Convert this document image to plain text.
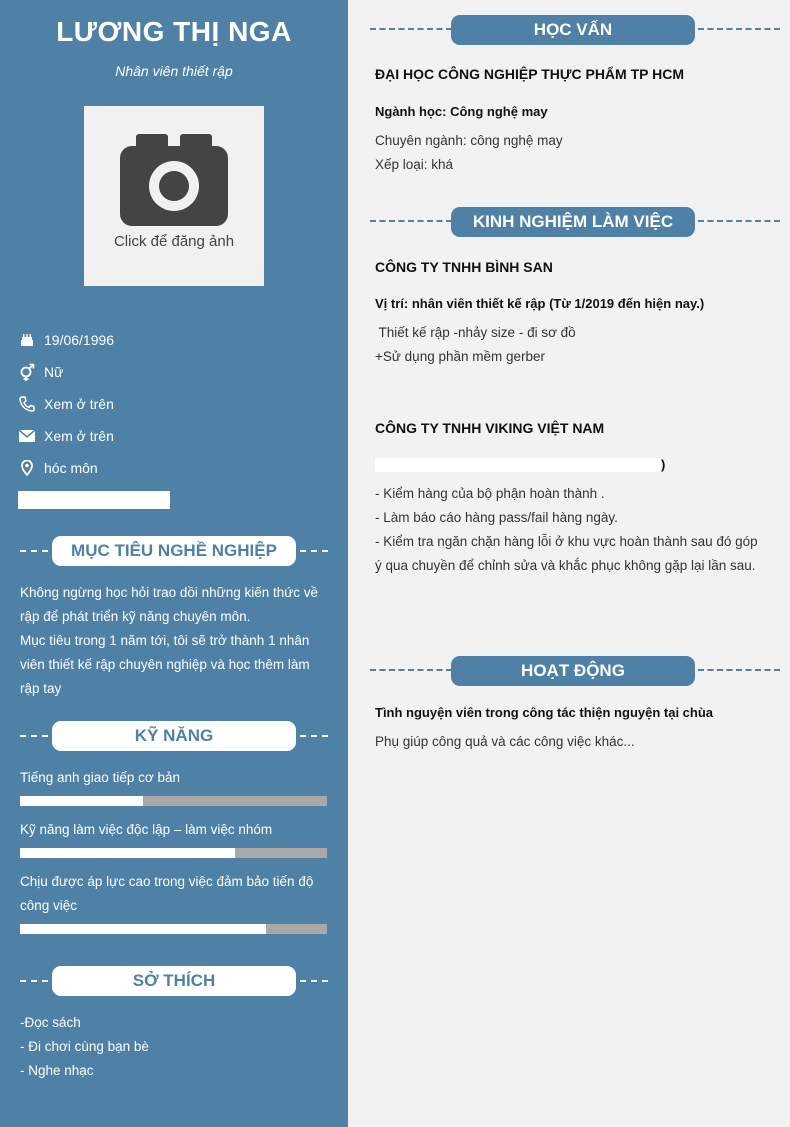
LƯƠNG THỊ NGA
Nhân viên thiết rập
Click để đăng ảnh
19/06/1996
Nữ
Xem ở trên
Xem ở trên
hóc môn
MỤC TIÊU NGHỀ NGHIỆP
Không ngừng học hỏi trao dồi những kiến thức về
rập để phát triển kỹ năng chuyên môn.
Mục tiêu trong 1 năm tới, tôi sẽ trở thành 1 nhân
viên thiết kế rập chuyên nghiệp và học thêm làm
rập tay
KỸ NĂNG
Tiếng anh giao tiếp cơ bản
Kỹ năng làm việc độc lập – làm việc nhóm
Chịu được áp lực cao trong việc đảm bảo tiến độ
công việc
SỞ THÍCH
-Đọc sách
- Đi chơi cùng bạn bè
- Nghe nhạc
HỌC VẤN
ĐẠI HỌC CÔNG NGHIỆP THỰC PHẨM TP HCM
Ngành học: Công nghệ may
Chuyên ngành: công nghệ may
Xếp loại: khá
KINH NGHIỆM LÀM VIỆC
CÔNG TY TNHH BÌNH SAN
Vị trí: nhân viên thiết kế rập (Từ 1/2019 đến hiện nay.)
Thiết kế rập -nhảy size - đi sơ đồ
+Sử dụng phần mềm gerber
CÔNG TY TNHH VIKING VIỆT NAM
)
- Kiểm hàng của bộ phận hoàn thành .
- Làm báo cáo hàng pass/fail hàng ngày.
- Kiểm tra ngăn chặn hàng lỗi ở khu vực hoàn thành sau đó góp
ý qua chuyền để chỉnh sửa và khắc phục không gặp lại lần sau.
HOẠT ĐỘNG
Tình nguyện viên trong công tác thiện nguyện tại chùa
Phụ giúp công quả và các công việc khác...
